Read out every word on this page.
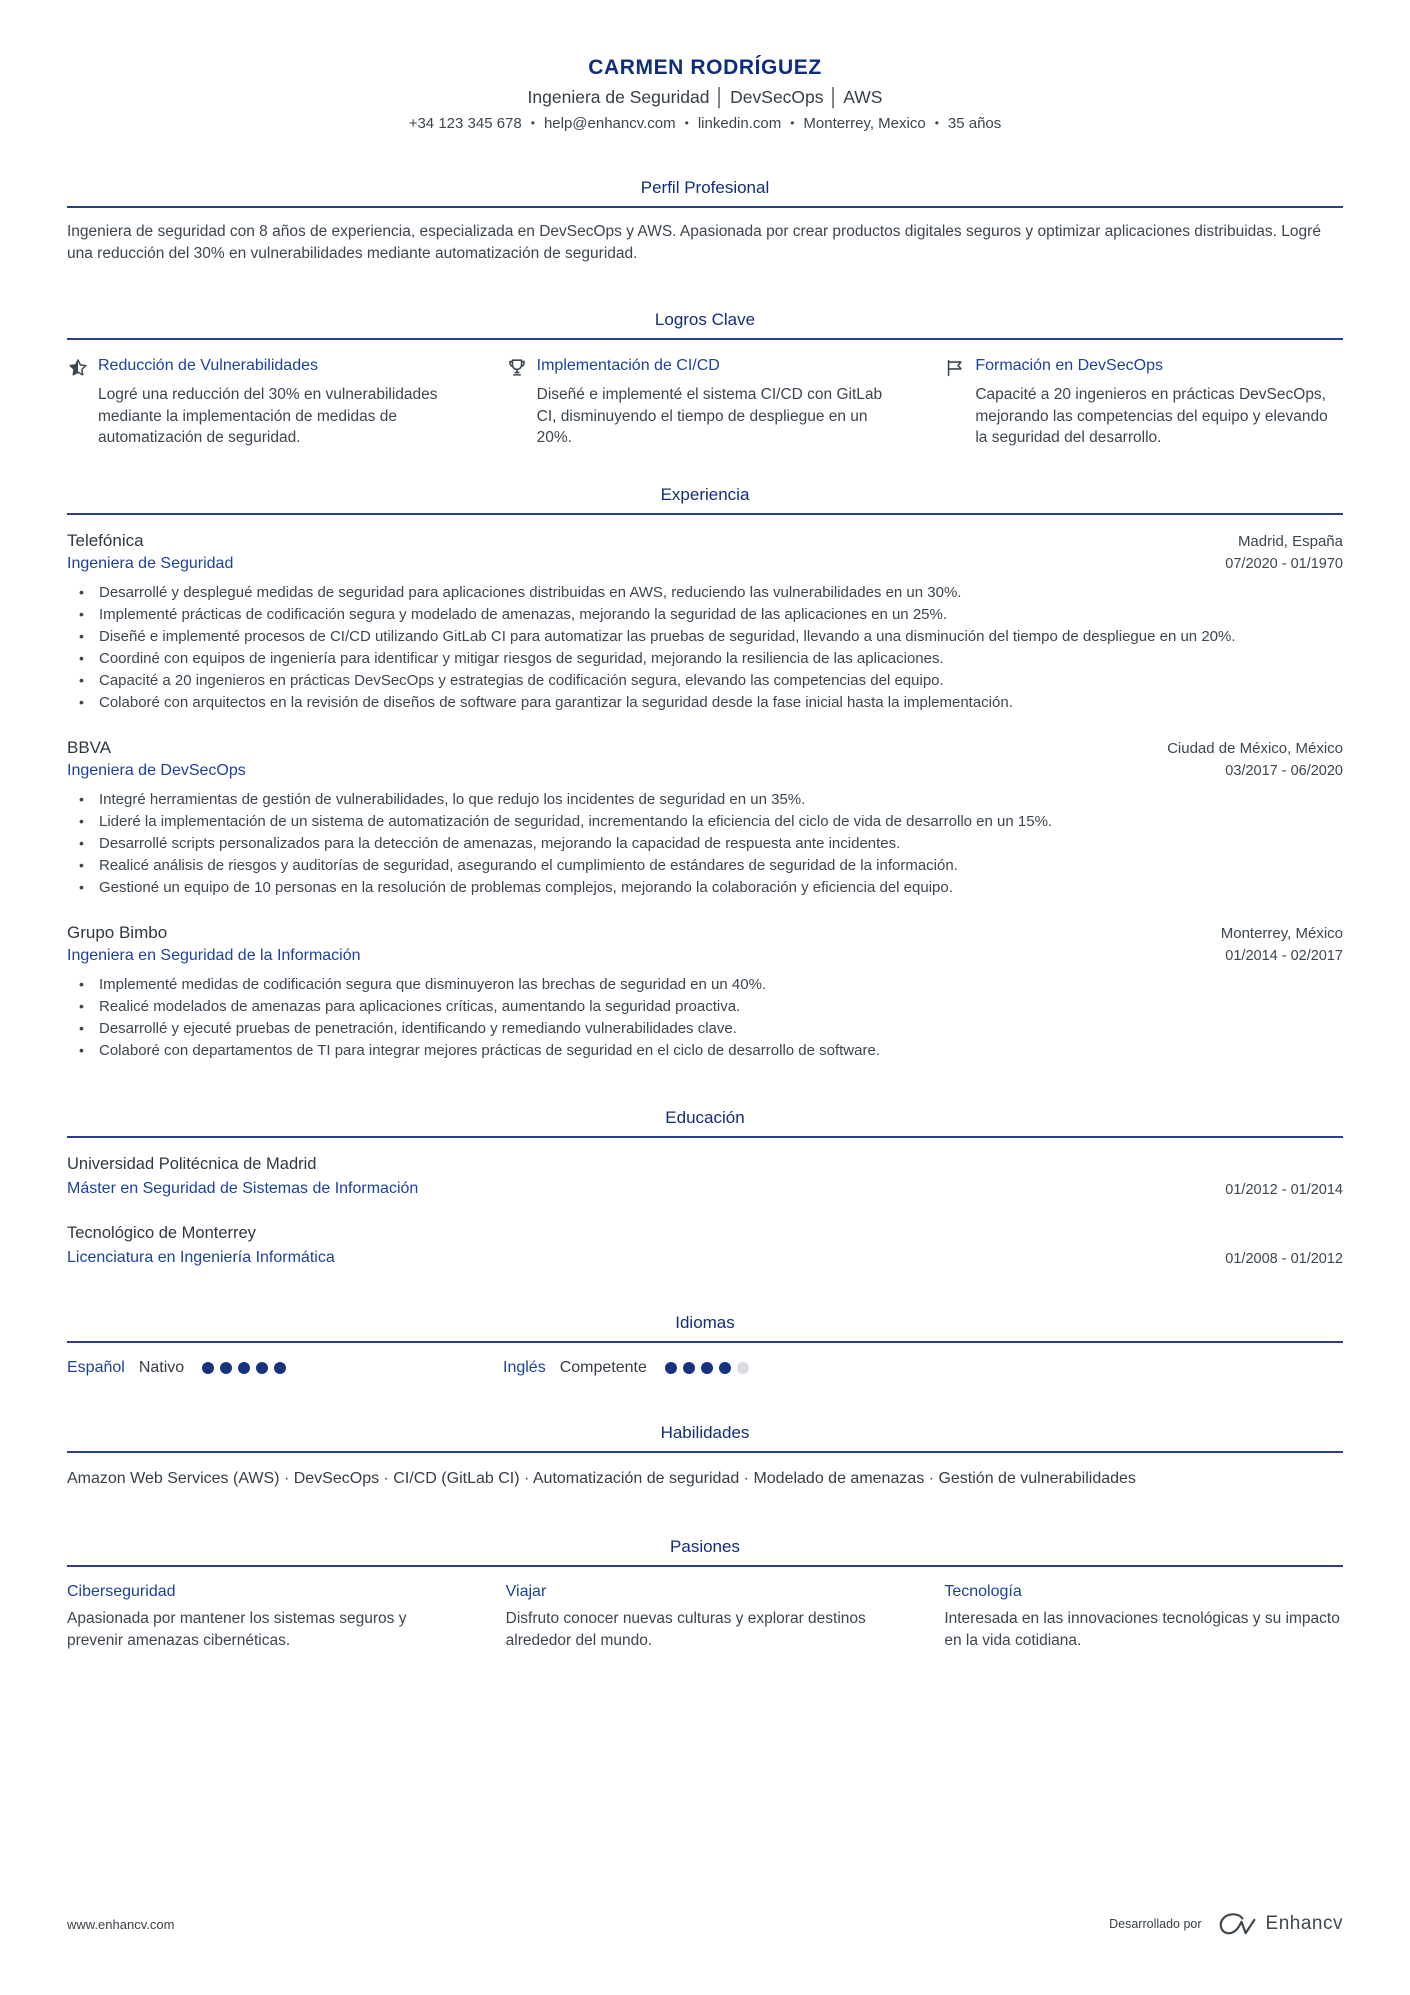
CARMEN RODRÍGUEZ
Ingeniera de Seguridad │ DevSecOps │ AWS
+34 123 345 678 • help@enhancv.com • linkedin.com • Monterrey, Mexico • 35 años
Perfil Profesional

Ingeniera de seguridad con 8 años de experiencia, especializada en DevSecOps y AWS. Apasionada por crear productos digitales seguros y optimizar aplicaciones distribuidas. Logré una reducción del 30% en vulnerabilidades mediante automatización de seguridad.

Logros Clave
Reducción de Vulnerabilidades
Logré una reducción del 30% en vulnerabilidades mediante la implementación de medidas de automatización de seguridad.
Implementación de CI/CD
Diseñé e implementé el sistema CI/CD con GitLab CI, disminuyendo el tiempo de despliegue en un 20%.
Formación en DevSecOps
Capacité a 20 ingenieros en prácticas DevSecOps, mejorando las competencias del equipo y elevando la seguridad del desarrollo.
Experiencia
Telefónica	Madrid, España
Ingeniera de Seguridad	07/2020 - 01/1970
• Desarrollé y desplegué medidas de seguridad para aplicaciones distribuidas en AWS, reduciendo las vulnerabilidades en un 30%.
• Implementé prácticas de codificación segura y modelado de amenazas, mejorando la seguridad de las aplicaciones en un 25%.
• Diseñé e implementé procesos de CI/CD utilizando GitLab CI para automatizar las pruebas de seguridad, llevando a una disminución del tiempo de despliegue en un 20%.
• Coordiné con equipos de ingeniería para identificar y mitigar riesgos de seguridad, mejorando la resiliencia de las aplicaciones.
• Capacité a 20 ingenieros en prácticas DevSecOps y estrategias de codificación segura, elevando las competencias del equipo.
• Colaboré con arquitectos en la revisión de diseños de software para garantizar la seguridad desde la fase inicial hasta la implementación.
BBVA	Ciudad de México, México
Ingeniera de DevSecOps	03/2017 - 06/2020
• Integré herramientas de gestión de vulnerabilidades, lo que redujo los incidentes de seguridad en un 35%.
• Lideré la implementación de un sistema de automatización de seguridad, incrementando la eficiencia del ciclo de vida de desarrollo en un 15%.
• Desarrollé scripts personalizados para la detección de amenazas, mejorando la capacidad de respuesta ante incidentes.
• Realicé análisis de riesgos y auditorías de seguridad, asegurando el cumplimiento de estándares de seguridad de la información.
• Gestioné un equipo de 10 personas en la resolución de problemas complejos, mejorando la colaboración y eficiencia del equipo.
Grupo Bimbo	Monterrey, México
Ingeniera en Seguridad de la Información	01/2014 - 02/2017
• Implementé medidas de codificación segura que disminuyeron las brechas de seguridad en un 40%.
• Realicé modelados de amenazas para aplicaciones críticas, aumentando la seguridad proactiva.
• Desarrollé y ejecuté pruebas de penetración, identificando y remediando vulnerabilidades clave.
• Colaboré con departamentos de TI para integrar mejores prácticas de seguridad en el ciclo de desarrollo de software.
Educación
Universidad Politécnica de Madrid
Máster en Seguridad de Sistemas de Información	01/2012 - 01/2014
Tecnológico de Monterrey
Licenciatura en Ingeniería Informática	01/2008 - 01/2012
Idiomas
Español Nativo	Inglés Competente
Habilidades

Amazon Web Services (AWS) · DevSecOps · CI/CD (GitLab CI) · Automatización de seguridad · Modelado de amenazas · Gestión de vulnerabilidades

Pasiones
Ciberseguridad
Apasionada por mantener los sistemas seguros y prevenir amenazas cibernéticas.
Viajar
Disfruto conocer nuevas culturas y explorar destinos alrededor del mundo.
Tecnología
Interesada en las innovaciones tecnológicas y su impacto en la vida cotidiana.
www.enhancv.com	Desarrollado por	Enhancv
